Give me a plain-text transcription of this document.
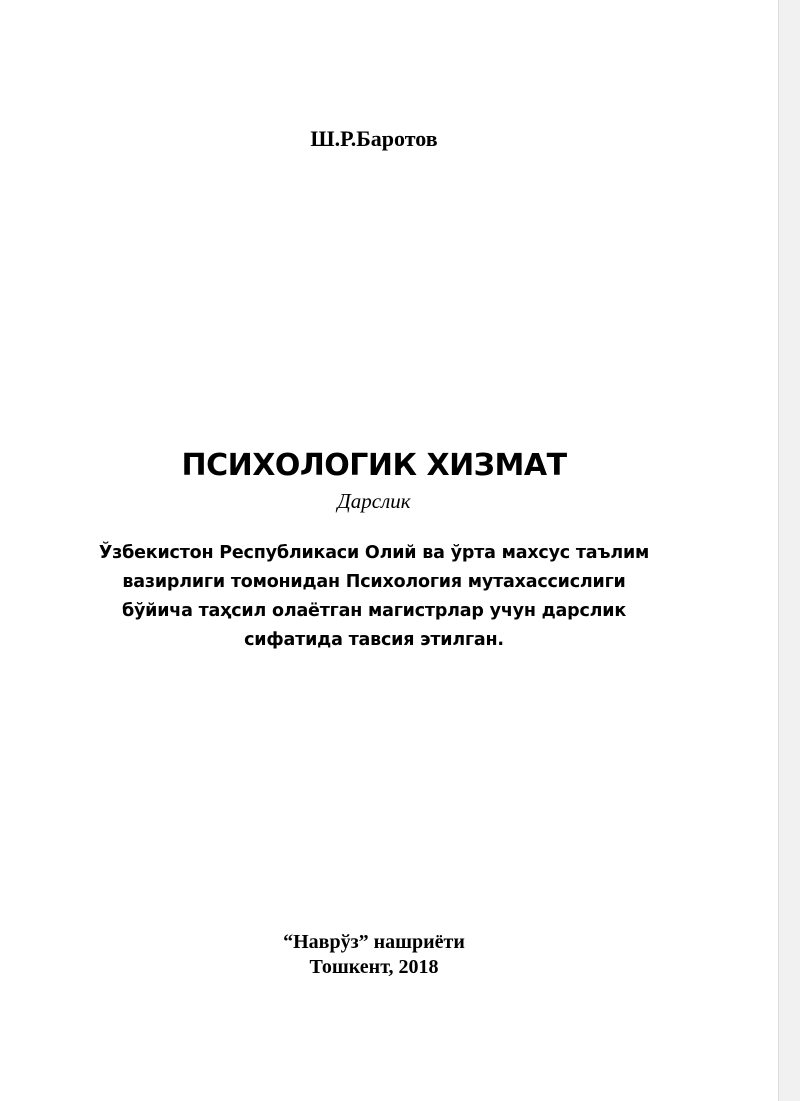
Ш.Р.Баротов
ПСИХОЛОГИК ХИЗМАТ
Дарслик
Ўзбекистон Республикаси Олий ва ўрта махсус таълим
вазирлиги томонидан Психология мутахассислиги
бўйича таҳсил олаётган магистрлар учун дарслик
сифатида тавсия этилган.
“Наврўз” нашриёти
Тошкент, 2018
